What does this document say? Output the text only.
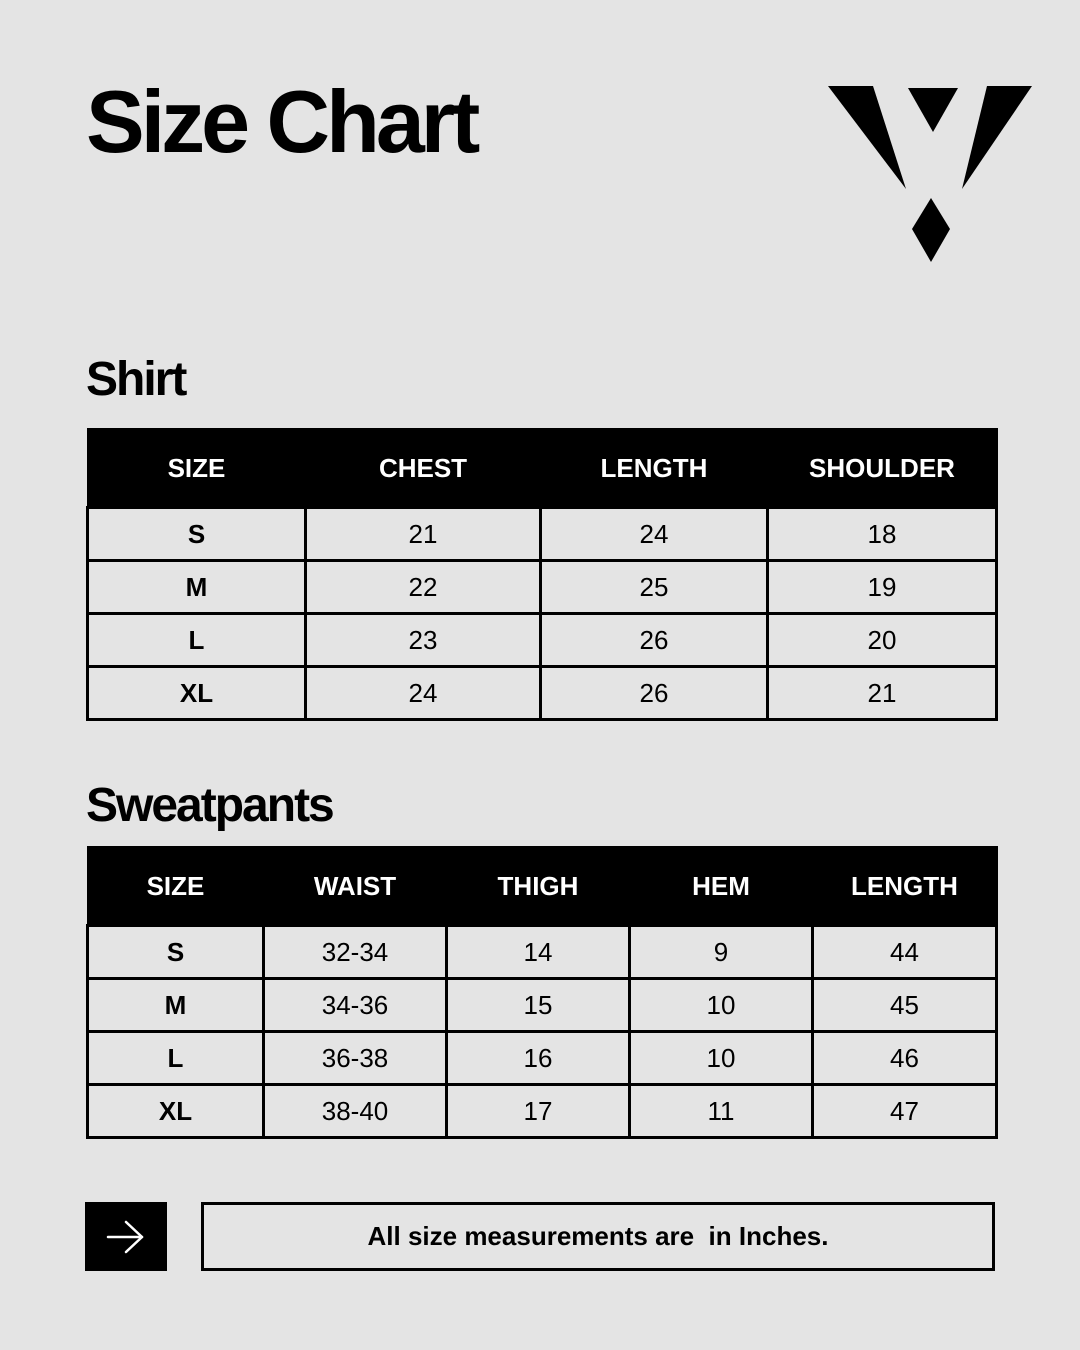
Size Chart
Shirt
SIZE	CHEST	LENGTH	SHOULDER
S	21	24	18
M	22	25	19
L	23	26	20
XL	24	26	21
Sweatpants
SIZE	WAIST	THIGH	HEM	LENGTH
S	32-34	14	9	44
M	34-36	15	10	45
L	36-38	16	10	46
XL	38-40	17	11	47
All size measurements are  in Inches.
